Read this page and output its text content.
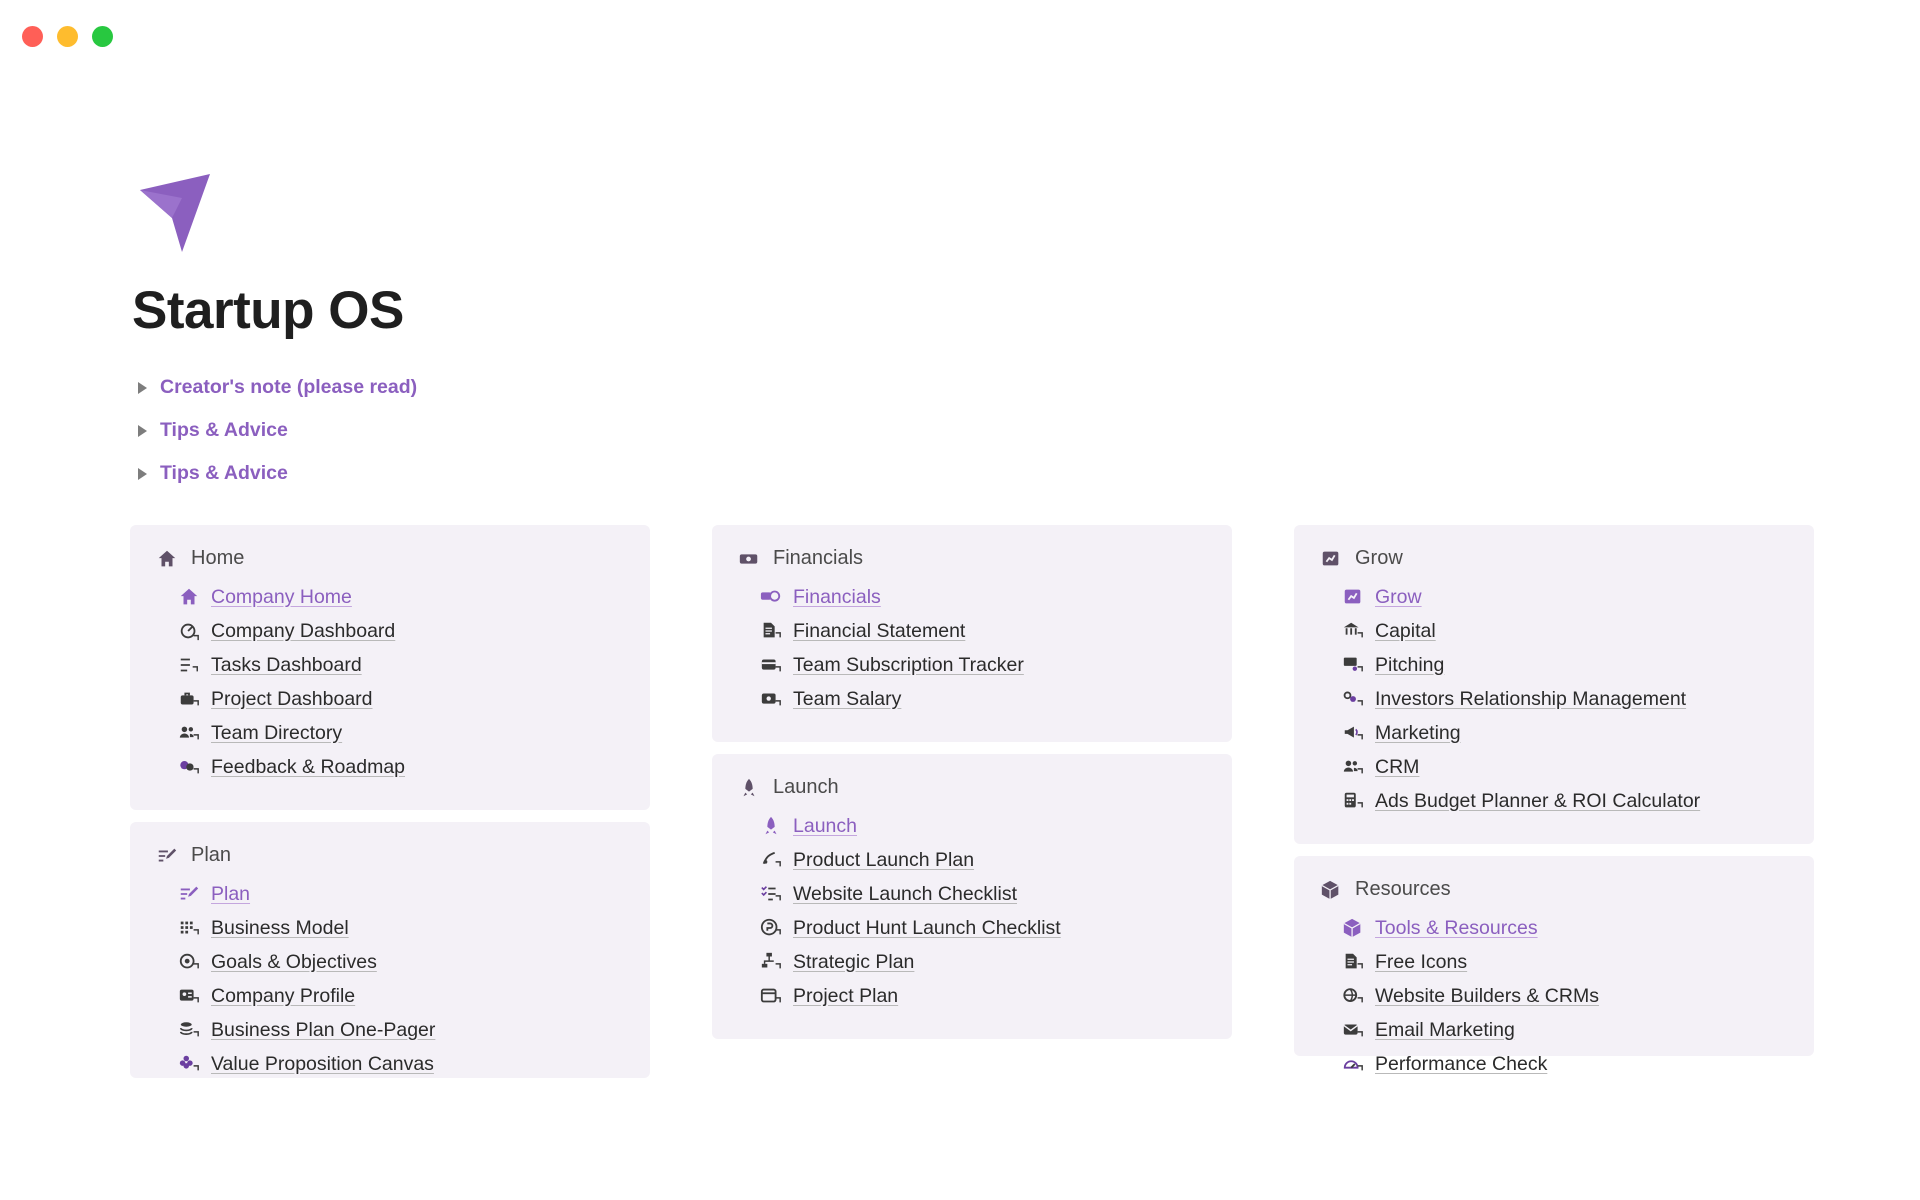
Startup OS
Creator's note (please read)
Tips & Advice
Tips & Advice
Home
Company Home
Company Dashboard
Tasks Dashboard
Project Dashboard
Team Directory
Feedback & Roadmap
Plan
Plan
Business Model
Goals & Objectives
Company Profile
Business Plan One-Pager
Value Proposition Canvas
Financials
Financials
Financial Statement
Team Subscription Tracker
Team Salary
Launch
Launch
Product Launch Plan
Website Launch Checklist
Product Hunt Launch Checklist
Strategic Plan
Project Plan
Grow
Grow
Capital
Pitching
Investors Relationship Management
Marketing
CRM
Ads Budget Planner & ROI Calculator
Resources
Tools & Resources
Free Icons
Website Builders & CRMs
Email Marketing
Performance Check
